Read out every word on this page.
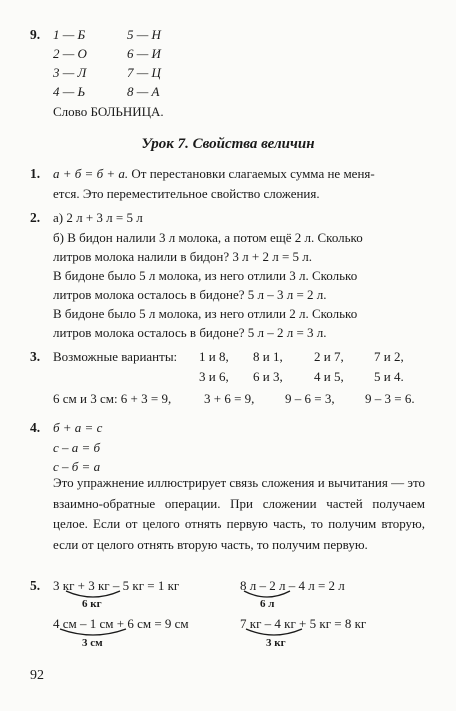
9. 1 — Б
2 — О
3 — Л
4 — Ь
5 — Н
6 — И
7 — Ц
8 — А
Слово БОЛЬНИЦА.
Урок 7. Свойства величин
1. а + б = б + а. От перестановки слагаемых сумма не меня-
ется. Это переместительное свойство сложения.
2. а) 2 л + 3 л = 5 л
б) В бидон налили 3 л молока, а потом ещё 2 л. Сколько
литров молока налили в бидон? 3 л + 2 л = 5 л.
В бидоне было 5 л молока, из него отлили 3 л. Сколько
литров молока осталось в бидоне? 5 л – 3 л = 2 л.
В бидоне было 5 л молока, из него отлили 2 л. Сколько
литров молока осталось в бидоне? 5 л – 2 л = 3 л.
3. Возможные варианты: 1 и 8, 8 и 1, 2 и 7, 7 и 2,
3 и 6, 6 и 3, 4 и 5, 5 и 4.
6 см и 3 см: 6 + 3 = 9,	3 + 6 = 9, 9 – 6 = 3, 9 – 3 = 6.
4. б + а = с
с – а = б
с – б = а
Это упражнение иллюстрирует связь сложения и вычитания — это взаимно-обратные операции. При сложении частей получаем целое. Если от целого отнять первую часть, то получим вторую, если от целого отнять вторую часть, то получим первую.
5. 3 кг + 3 кг – 5 кг = 1 кг
6 кг
8 л – 2 л – 4 л = 2 л
6 л
4 см – 1 см + 6 см = 9 см
3 см
7 кг – 4 кг + 5 кг = 8 кг
3 кг
92
